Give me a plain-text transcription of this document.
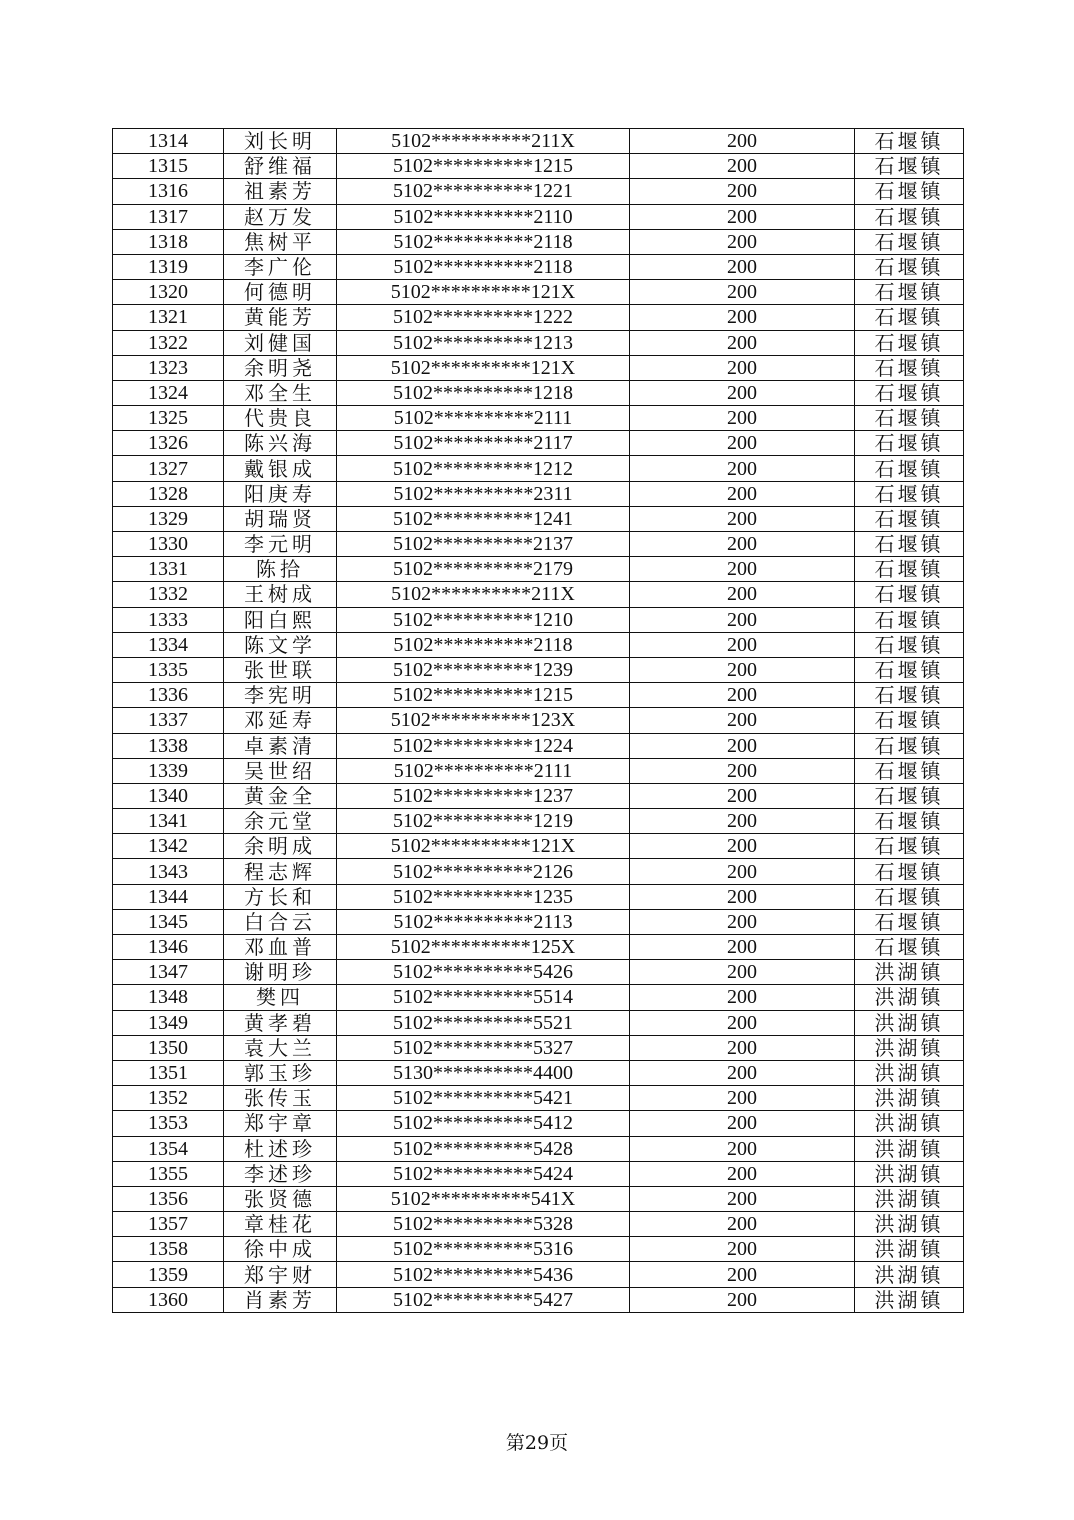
1314	刘长明	5102**********211X	200	石堰镇
1315	舒维福	5102**********1215	200	石堰镇
1316	祖素芳	5102**********1221	200	石堰镇
1317	赵万发	5102**********2110	200	石堰镇
1318	焦树平	5102**********2118	200	石堰镇
1319	李广伦	5102**********2118	200	石堰镇
1320	何德明	5102**********121X	200	石堰镇
1321	黄能芳	5102**********1222	200	石堰镇
1322	刘健国	5102**********1213	200	石堰镇
1323	余明尧	5102**********121X	200	石堰镇
1324	邓全生	5102**********1218	200	石堰镇
1325	代贵良	5102**********2111	200	石堰镇
1326	陈兴海	5102**********2117	200	石堰镇
1327	戴银成	5102**********1212	200	石堰镇
1328	阳庚寿	5102**********2311	200	石堰镇
1329	胡瑞贤	5102**********1241	200	石堰镇
1330	李元明	5102**********2137	200	石堰镇
1331	陈拾	5102**********2179	200	石堰镇
1332	王树成	5102**********211X	200	石堰镇
1333	阳白熙	5102**********1210	200	石堰镇
1334	陈文学	5102**********2118	200	石堰镇
1335	张世联	5102**********1239	200	石堰镇
1336	李宪明	5102**********1215	200	石堰镇
1337	邓延寿	5102**********123X	200	石堰镇
1338	卓素清	5102**********1224	200	石堰镇
1339	吴世绍	5102**********2111	200	石堰镇
1340	黄金全	5102**********1237	200	石堰镇
1341	余元堂	5102**********1219	200	石堰镇
1342	余明成	5102**********121X	200	石堰镇
1343	程志辉	5102**********2126	200	石堰镇
1344	方长和	5102**********1235	200	石堰镇
1345	白合云	5102**********2113	200	石堰镇
1346	邓血普	5102**********125X	200	石堰镇
1347	谢明珍	5102**********5426	200	洪湖镇
1348	樊四	5102**********5514	200	洪湖镇
1349	黄孝碧	5102**********5521	200	洪湖镇
1350	袁大兰	5102**********5327	200	洪湖镇
1351	郭玉珍	5130**********4400	200	洪湖镇
1352	张传玉	5102**********5421	200	洪湖镇
1353	郑宇章	5102**********5412	200	洪湖镇
1354	杜述珍	5102**********5428	200	洪湖镇
1355	李述珍	5102**********5424	200	洪湖镇
1356	张贤德	5102**********541X	200	洪湖镇
1357	章桂花	5102**********5328	200	洪湖镇
1358	徐中成	5102**********5316	200	洪湖镇
1359	郑宇财	5102**********5436	200	洪湖镇
1360	肖素芳	5102**********5427	200	洪湖镇
第29页
